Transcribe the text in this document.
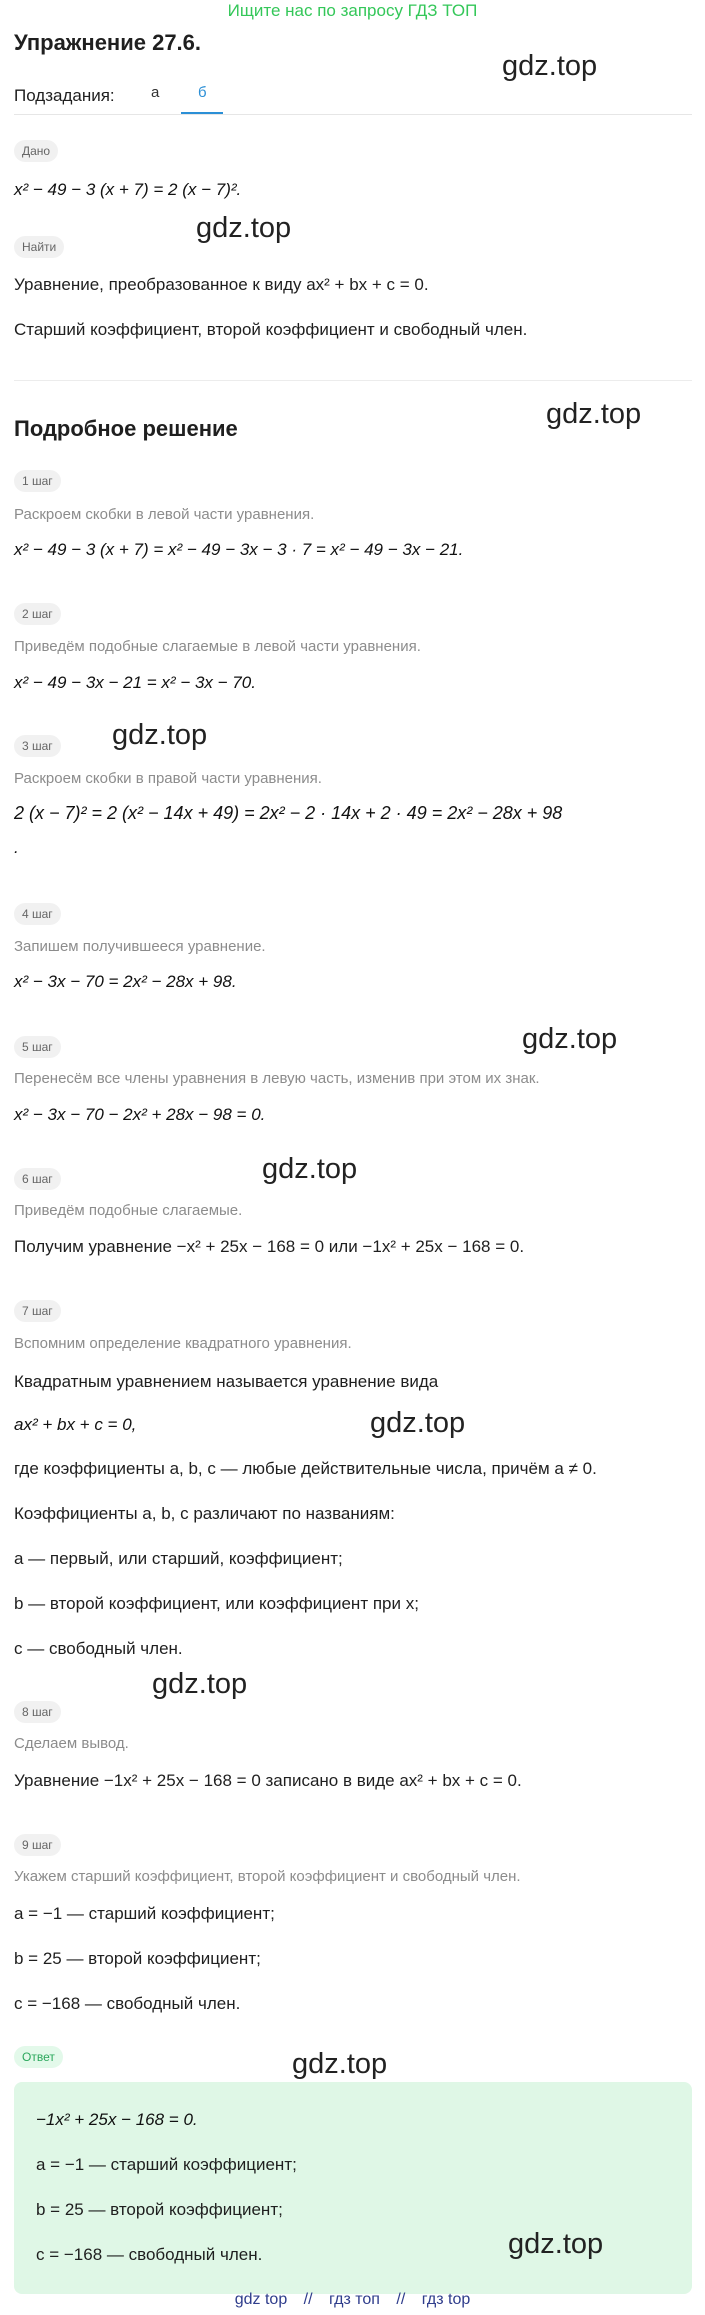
Ищите нас по запросу ГДЗ ТОП
Упражнение 27.6.
gdz.top
Подзадания: а	б
Дано
x² − 49 − 3 (x + 7) = 2 (x − 7)².
Найти
gdz.top
Уравнение, преобразованное к виду ax² + bx + c = 0.
Старший коэффициент, второй коэффициент и свободный член.
Подробное решение	gdz.top
1 шаг
Раскроем скобки в левой части уравнения.
x² − 49 − 3 (x + 7) = x² − 49 − 3x − 3 · 7 = x² − 49 − 3x − 21.
2 шаг
Приведём подобные слагаемые в левой части уравнения.
x² − 49 − 3x − 21 = x² − 3x − 70.
3 шаг gdz.top
Раскроем скобки в правой части уравнения.
2 (x − 7)² = 2 (x² − 14x + 49) = 2x² − 2 · 14x + 2 · 49 = 2x² − 28x + 98
.
4 шаг
Запишем получившееся уравнение.
x² − 3x − 70 = 2x² − 28x + 98.
5 шаг	gdz.top
Перенесём все члены уравнения в левую часть, изменив при этом их знак.
x² − 3x − 70 − 2x² + 28x − 98 = 0.
6 шаг	gdz.top
Приведём подобные слагаемые.
Получим уравнение −x² + 25x − 168 = 0 или −1x² + 25x − 168 = 0.
7 шаг
Вспомним определение квадратного уравнения.
Квадратным уравнением называется уравнение вида
ax² + bx + c = 0,	gdz.top
где коэффициенты a, b, c — любые действительные числа, причём a ≠ 0.
Коэффициенты a, b, c различают по названиям:
a — первый, или старший, коэффициент;
b — второй коэффициент, или коэффициент при x;
c — свободный член.
gdz.top
8 шаг
Сделаем вывод.
Уравнение −1x² + 25x − 168 = 0 записано в виде ax² + bx + c = 0.
9 шаг
Укажем старший коэффициент, второй коэффициент и свободный член.
a = −1 — старший коэффициент;
b = 25 — второй коэффициент;
c = −168 — свободный член.
Ответ	gdz.top
−1x² + 25x − 168 = 0.
a = −1 — старший коэффициент;
b = 25 — второй коэффициент;
c = −168 — свободный член.	gdz.top
gdz top // гдз топ // гдз top
